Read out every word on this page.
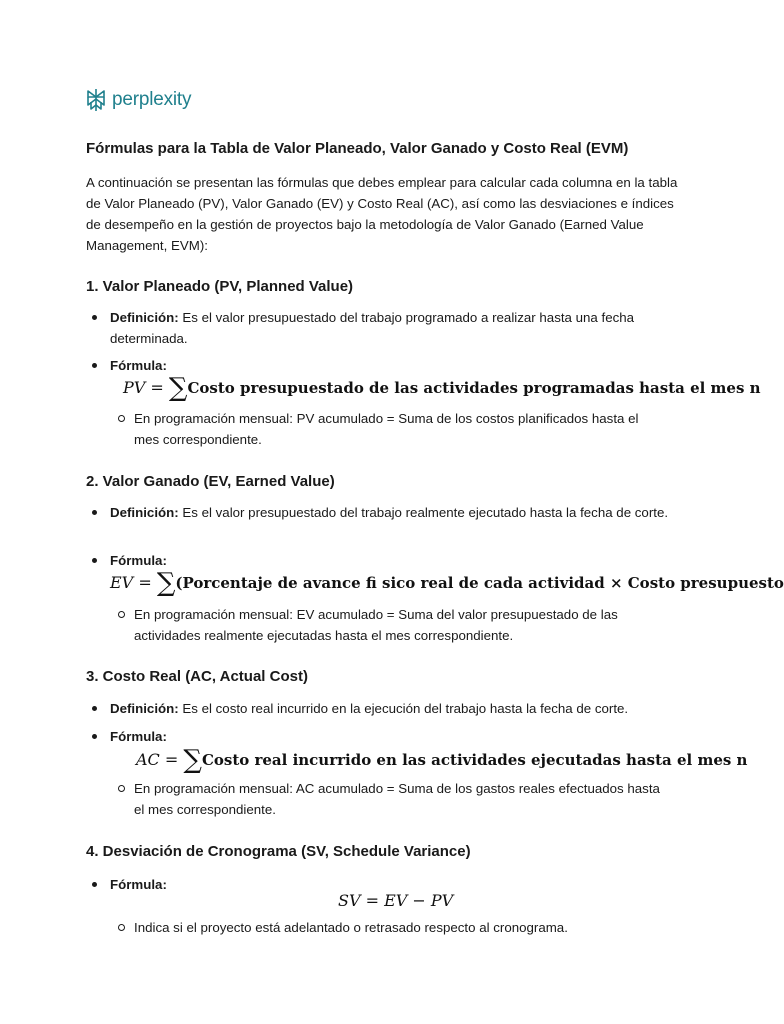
perplexity
Fórmulas para la Tabla de Valor Planeado, Valor Ganado y Costo Real (EVM)

A continuación se presentan las fórmulas que debes emplear para calcular cada columna en la tabla de Valor Planeado (PV), Valor Ganado (EV) y Costo Real (AC), así como las desviaciones e índices de desempeño en la gestión de proyectos bajo la metodología de Valor Ganado (Earned Value Management, EVM):

1. Valor Planeado (PV, Planned Value)
Definición: Es el valor presupuestado del trabajo programado a realizar hasta una fecha determinada.
Fórmula:
PV = ∑Costo presupuestado de las actividades programadas hasta el mes n
En programación mensual: PV acumulado = Suma de los costos planificados hasta el mes correspondiente.
2. Valor Ganado (EV, Earned Value)
Definición: Es el valor presupuestado del trabajo realmente ejecutado hasta la fecha de corte.
Fórmula:
EV = ∑(Porcentaje de avance fi sico real de cada actividad × Costo presupuesto
En programación mensual: EV acumulado = Suma del valor presupuestado de las actividades realmente ejecutadas hasta el mes correspondiente.
3. Costo Real (AC, Actual Cost)
Definición: Es el costo real incurrido en la ejecución del trabajo hasta la fecha de corte.
Fórmula:
AC = ∑Costo real incurrido en las actividades ejecutadas hasta el mes n
En programación mensual: AC acumulado = Suma de los gastos reales efectuados hasta el mes correspondiente.
4. Desviación de Cronograma (SV, Schedule Variance)
Fórmula:
SV = EV − PV
Indica si el proyecto está adelantado o retrasado respecto al cronograma.
